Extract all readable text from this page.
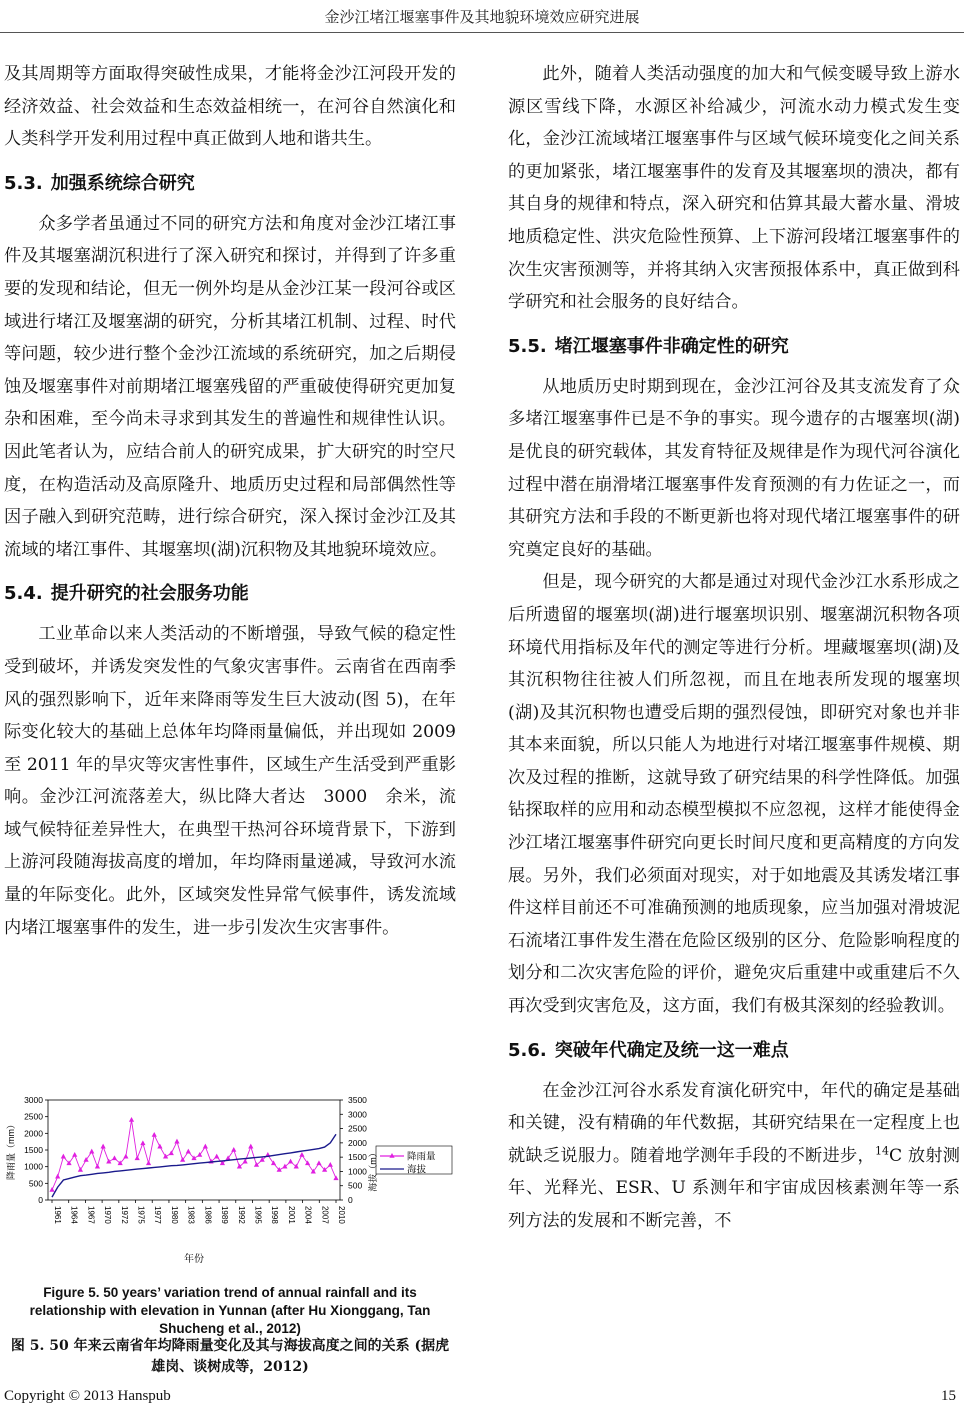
金沙江堵江堰塞事件及其地貌环境效应研究进展

及其周期等方面取得突破性成果，才能将金沙江河段开发的经济效益、社会效益和生态效益相统一，在河谷自然演化和人类科学开发利用过程中真正做到人地和谐共生。

5.3. 加强系统综合研究

众多学者虽通过不同的研究方法和角度对金沙江堵江事件及其堰塞湖沉积进行了深入研究和探讨，并得到了许多重要的发现和结论，但无一例外均是从金沙江某一段河谷或区域进行堵江及堰塞湖的研究，分析其堵江机制、过程、时代等问题，较少进行整个金沙江流域的系统研究，加之后期侵蚀及堰塞事件对前期堵江堰塞残留的严重破使得研究更加复杂和困难，至今尚未寻求到其发生的普遍性和规律性认识。因此笔者认为，应结合前人的研究成果，扩大研究的时空尺度，在构造活动及高原隆升、地质历史过程和局部偶然性等因子融入到研究范畴，进行综合研究，深入探讨金沙江及其流域的堵江事件、其堰塞坝(湖)沉积物及其地貌环境效应。

5.4. 提升研究的社会服务功能

工业革命以来人类活动的不断增强，导致气候的稳定性受到破坏，并诱发突发性的气象灾害事件。云南省在西南季风的强烈影响下，近年来降雨等发生巨大波动(图 5)，在年际变化较大的基础上总体年均降雨量偏低，并出现如 2009 至 2011 年的旱灾等灾害性事件，区域生产生活受到严重影响。金沙江河流落差大，纵比降大者达　3000　余米，流域气候特征差异性大，在典型干热河谷环境背景下，下游到上游河段随海拔高度的增加，年均降雨量递减，导致河水流量的年际变化。此外，区域突发性异常气候事件，诱发流域内堵江堰塞事件的发生，进一步引发次生灾害事件。

此外，随着人类活动强度的加大和气候变暖导致上游水源区雪线下降，水源区补给减少，河流水动力模式发生变化，金沙江流域堵江堰塞事件与区域气候环境变化之间关系的更加紧张，堵江堰塞事件的发育及其堰塞坝的溃决，都有其自身的规律和特点，深入研究和估算其最大蓄水量、滑坡地质稳定性、洪灾危险性预算、上下游河段堵江堰塞事件的次生灾害预测等，并将其纳入灾害预报体系中，真正做到科学研究和社会服务的良好结合。

5.5. 堵江堰塞事件非确定性的研究

从地质历史时期到现在，金沙江河谷及其支流发育了众多堵江堰塞事件已是不争的事实。现今遗存的古堰塞坝(湖)是优良的研究载体，其发育特征及规律是作为现代河谷演化过程中潜在崩滑堵江堰塞事件发育预测的有力佐证之一，而其研究方法和手段的不断更新也将对现代堵江堰塞事件的研究奠定良好的基础。

但是，现今研究的大都是通过对现代金沙江水系形成之后所遗留的堰塞坝(湖)进行堰塞坝识别、堰塞湖沉积物各项环境代用指标及年代的测定等进行分析。埋藏堰塞坝(湖)及其沉积物往往被人们所忽视，而且在地表所发现的堰塞坝(湖)及其沉积物也遭受后期的强烈侵蚀，即研究对象也并非其本来面貌，所以只能人为地进行对堵江堰塞事件规模、期次及过程的推断，这就导致了研究结果的科学性降低。加强钻探取样的应用和动态模型模拟不应忽视，这样才能使得金沙江堵江堰塞事件研究向更长时间尺度和更高精度的方向发展。另外，我们必须面对现实，对于如地震及其诱发堵江事件这样目前还不可准确预测的地质现象，应当加强对滑坡泥石流堵江事件发生潜在危险区级别的区分、危险影响程度的划分和二次灾害危险的评价，避免灾后重建中或重建后不久再次受到灾害危及，这方面，我们有极其深刻的经验教训。

5.6. 突破年代确定及统一这一难点

在金沙江河谷水系发育演化研究中，年代的确定是基础和关键，没有精确的年代数据，其研究结果在一定程度上也就缺乏说服力。随着地学测年手段的不断进步，$^{14}$C 放射测年、光释光、ESR、U 系测年和宇宙成因核素测年等一系列方法的发展和不断完善，不

0
500
1000
1500
2000
2500
3000
0
500
1000
1500
2000
2500
3000
3500
1961 1964 1967 1970 1972 1975 1977 1980 1983 1986 1989 1992 1995 1998 2001 2004 2007 2010
年份
降雨量（mm）	海拔（m）	降雨量
海拔
Figure 5. 50 years’ variation trend of annual rainfall and its relationship with elevation in Yunnan (after Hu Xionggang, Tan Shucheng et al., 2012)
图 5. 50 年来云南省年均降雨量变化及其与海拔高度之间的关系 (据虎雄岗、谈树成等，2012)
Copyright © 2013 Hanspub	15
